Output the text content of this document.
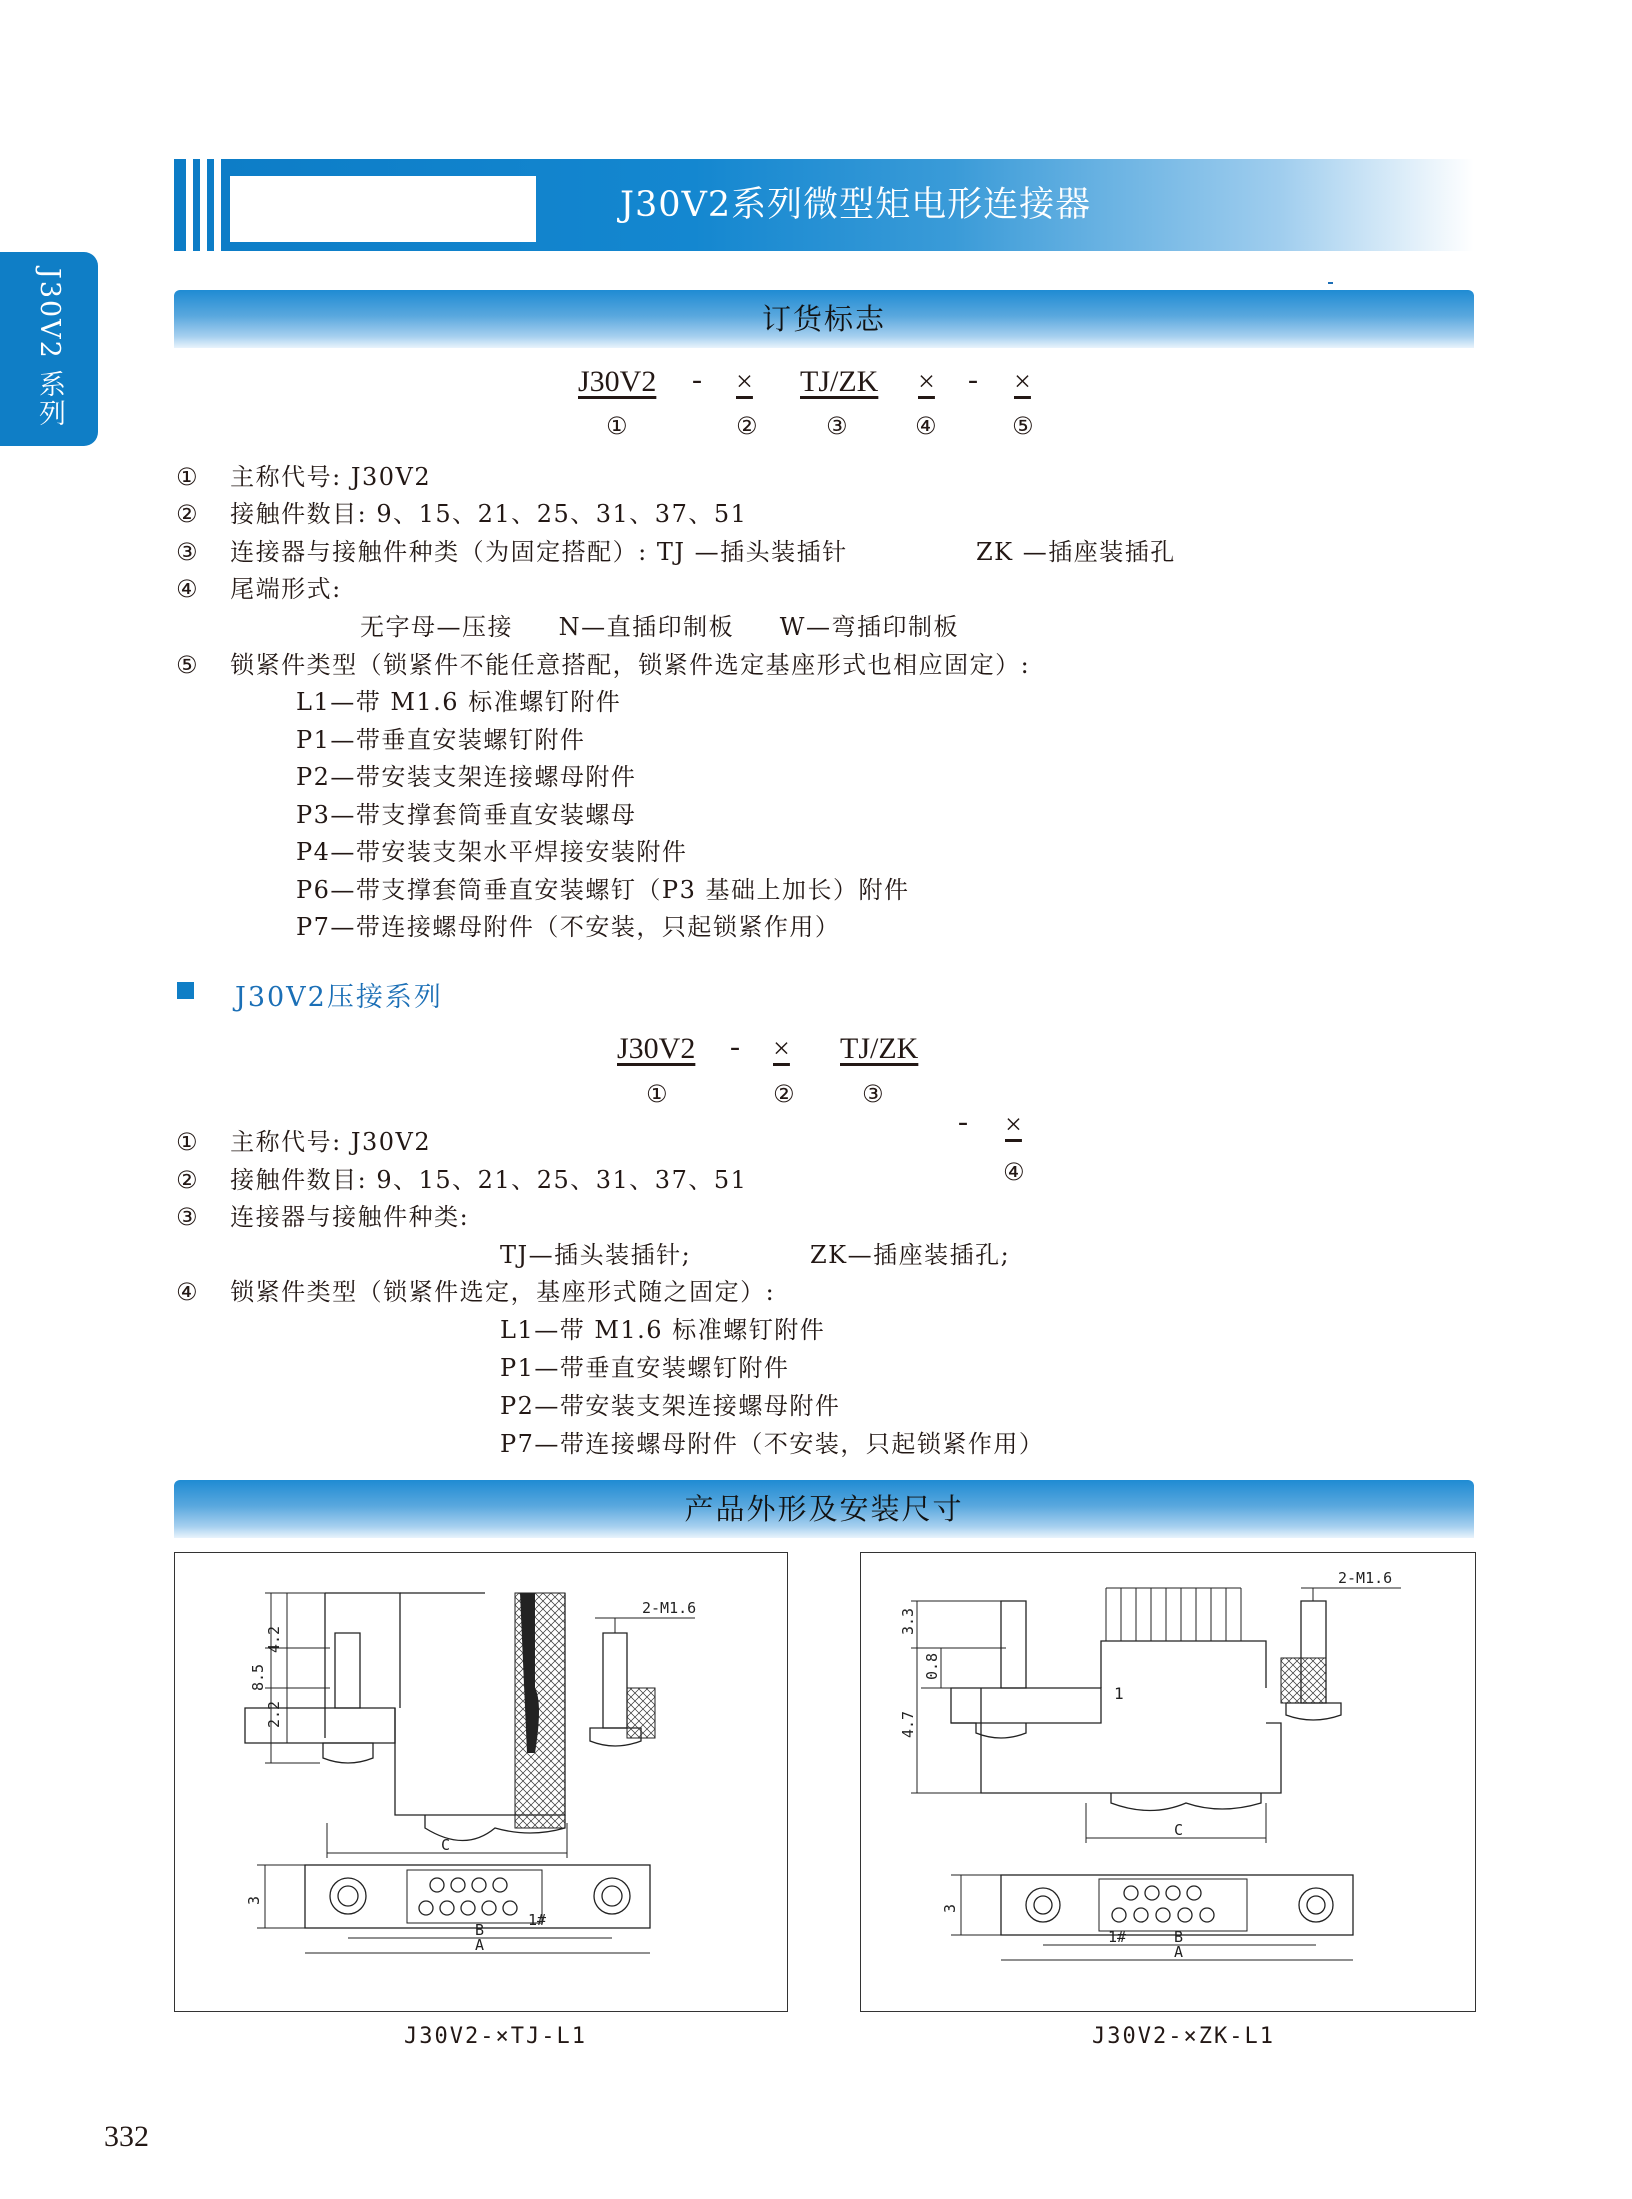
J30V2系列微型矩电形连接器
J30V2 系列	订货标志
J30V2 - × TJ/ZK × - ×
①	②	③	④	⑤
① 主称代号: J30V2
② 接触件数目: 9、15、21、25、31、37、51
③ 连接器与接触件种类（为固定搭配）: TJ —插头装插针	ZK —插座装插孔
④ 尾端形式:
无字母—压接     N—直插印制板     W—弯插印制板
⑤ 锁紧件类型（锁紧件不能任意搭配，锁紧件选定基座形式也相应固定）:
L1—带 M1.6 标准螺钉附件
P1—带垂直安装螺钉附件
P2—带安装支架连接螺母附件
P3—带支撑套筒垂直安装螺母
P4—带安装支架水平焊接安装附件
P6—带支撑套筒垂直安装螺钉（P3 基础上加长）附件
P7—带连接螺母附件（不安装，只起锁紧作用）
J30V2压接系列
J30V2 - × TJ/ZK
- ×
①	②	③
④
① 主称代号: J30V2
② 接触件数目: 9、15、21、25、31、37、51
③ 连接器与接触件种类:
TJ—插头装插针;	ZK—插座装插孔;
④ 锁紧件类型（锁紧件选定，基座形式随之固定）:
L1—带 M1.6 标准螺钉附件
P1—带垂直安装螺钉附件
P2—带安装支架连接螺母附件
P7—带连接螺母附件（不安装，只起锁紧作用）
产品外形及安装尺寸
2-M1.6
8.5
4.2
2.2
C
3
B
A
1#
2-M1.6
3.3
0.8
4.7
1
C
3
B
A
1#
J30V2-×TJ-L1	J30V2-×ZK-L1
332
